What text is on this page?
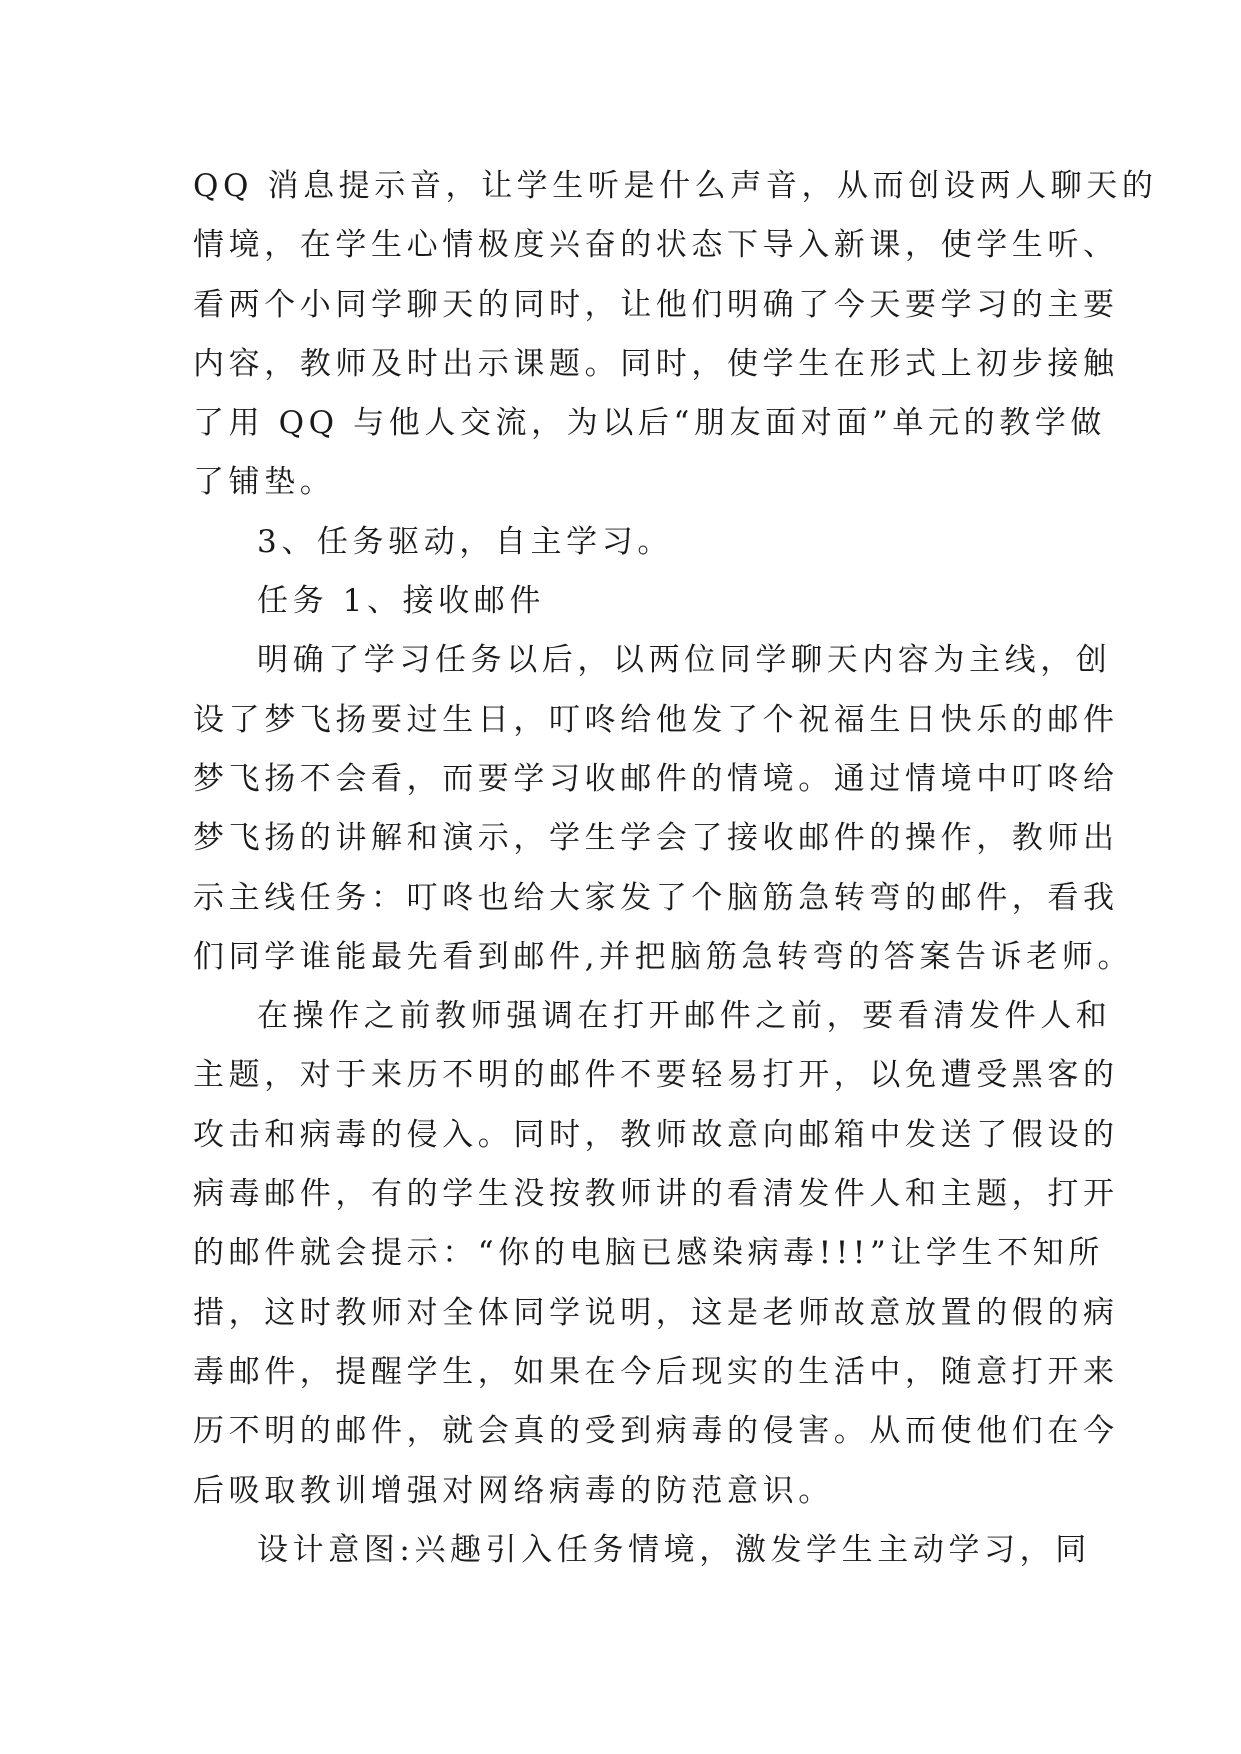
QQ 消息提示音，让学生听是什么声音，从而创设两人聊天的
情境，在学生心情极度兴奋的状态下导入新课，使学生听、
看两个小同学聊天的同时，让他们明确了今天要学习的主要
内容，教师及时出示课题。同时，使学生在形式上初步接触
了用 QQ 与他人交流，为以后“朋友面对面”单元的教学做
了铺垫。
3、任务驱动，自主学习。
任务 1、接收邮件
明确了学习任务以后，以两位同学聊天内容为主线，创
设了梦飞扬要过生日，叮咚给他发了个祝福生日快乐的邮件
梦飞扬不会看，而要学习收邮件的情境。通过情境中叮咚给
梦飞扬的讲解和演示，学生学会了接收邮件的操作，教师出
示主线任务：叮咚也给大家发了个脑筋急转弯的邮件，看我
们同学谁能最先看到邮件,并把脑筋急转弯的答案告诉老师。
在操作之前教师强调在打开邮件之前，要看清发件人和
主题，对于来历不明的邮件不要轻易打开，以免遭受黑客的
攻击和病毒的侵入。同时，教师故意向邮箱中发送了假设的
病毒邮件，有的学生没按教师讲的看清发件人和主题，打开
的邮件就会提示：“你的电脑已感染病毒!!!”让学生不知所
措，这时教师对全体同学说明，这是老师故意放置的假的病
毒邮件，提醒学生，如果在今后现实的生活中，随意打开来
历不明的邮件，就会真的受到病毒的侵害。从而使他们在今
后吸取教训增强对网络病毒的防范意识。
设计意图:兴趣引入任务情境，激发学生主动学习，同
